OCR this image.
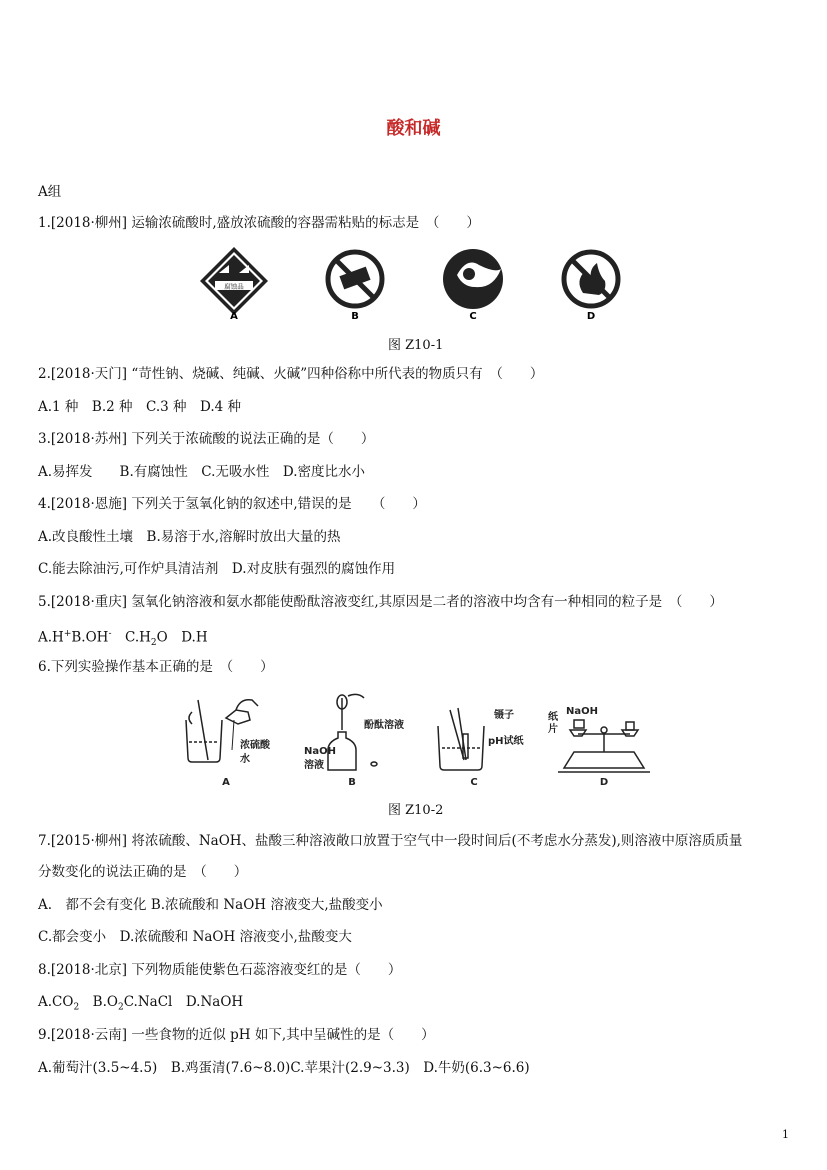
酸和碱
A组
1.[2018·柳州] 运输浓硫酸时,盛放浓硫酸的容器需粘贴的标志是　（　　）
腐蚀品
A	B	C	D
图 Z10-1
2.[2018·天门] “苛性钠、烧碱、纯碱、火碱”四种俗称中所代表的物质只有　（　　）
A.1 种　B.2 种　C.3 种　D.4 种
3.[2018·苏州] 下列关于浓硫酸的说法正确的是（　　）
A.易挥发　　B.有腐蚀性　C.无吸水性　D.密度比水小
4.[2018·恩施] 下列关于氢氧化钠的叙述中,错误的是　　（　　）
A.改良酸性土壤　B.易溶于水,溶解时放出大量的热
C.能去除油污,可作炉具清洁剂　D.对皮肤有强烈的腐蚀作用
5.[2018·重庆] 氢氧化钠溶液和氨水都能使酚酞溶液变红,其原因是二者的溶液中均含有一种相同的粒子是　（　　）
A.H+B.OH-　 $C.H_2O$　 D.H
6.下列实验操作基本正确的是　（　　）
浓硫酸
水
酚酞溶液
NaOH
溶液
镊子
pH试纸
NaOH
纸
片
A	B	C	D
图 Z10-2
7.[2015·柳州] 将浓硫酸、NaOH、盐酸三种溶液敞口放置于空气中一段时间后(不考虑水分蒸发),则溶液中原溶质质量
分数变化的说法正确的是　（　　）
A.　都不会有变化 B.浓硫酸和 NaOH 溶液变大,盐酸变小
C.都会变小　D.浓硫酸和 NaOH 溶液变小,盐酸变大
8.[2018·北京] 下列物质能使紫色石蕊溶液变红的是（　　）
$A.CO_2$　$B.O_2C.NaCl$　D.NaOH
9.[2018·云南] 一些食物的近似 pH 如下,其中呈碱性的是（　　）
A.葡萄汁(3.5~4.5)　B.鸡蛋清(7.6~8.0)C.苹果汁(2.9~3.3)　D.牛奶(6.3~6.6)
1
